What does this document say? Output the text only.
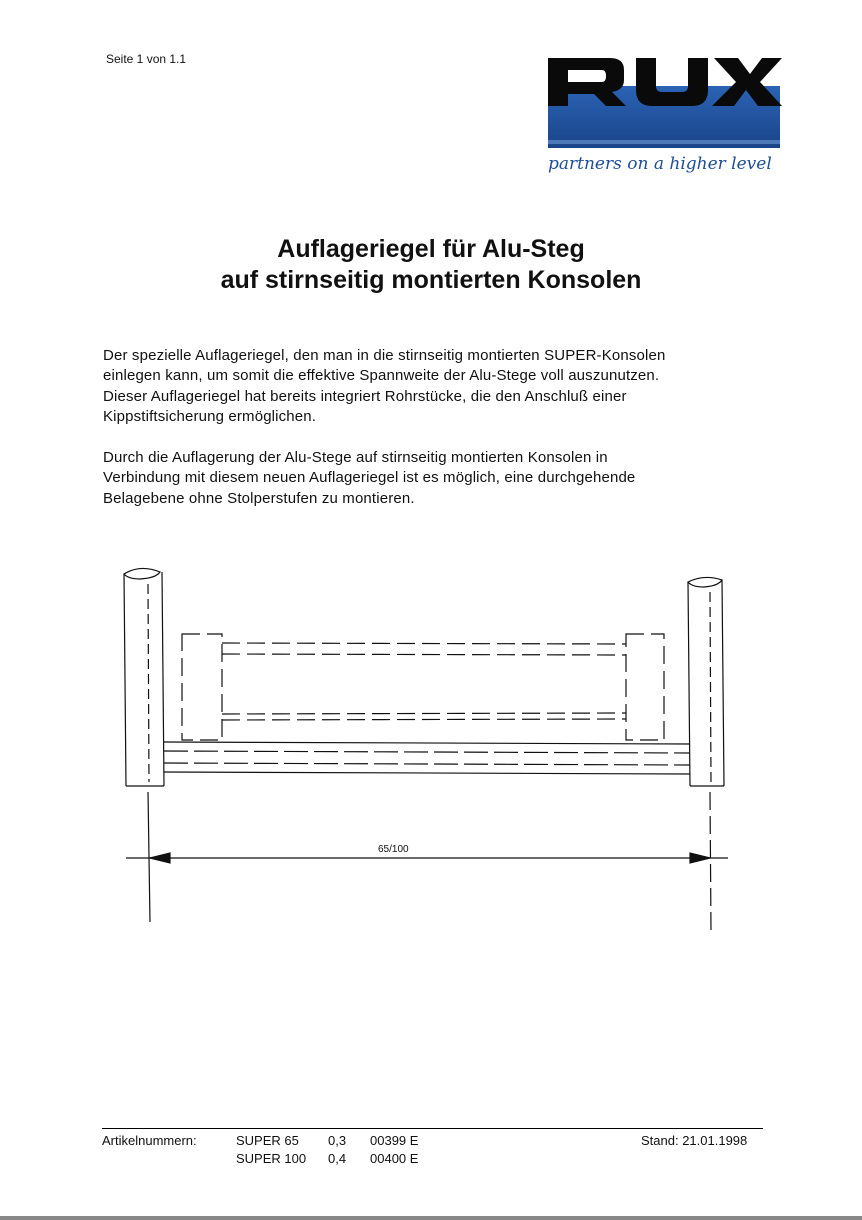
Seite 1 von 1.1
partners on a higher level
Auflageriegel für Alu-Steg
auf stirnseitig montierten Konsolen
Der spezielle Auflageriegel, den man in die stirnseitig montierten SUPER-Konsolen
einlegen kann, um somit die effektive Spannweite der Alu-Stege voll auszunutzen.
Dieser Auflageriegel hat bereits integriert Rohrstücke, die den Anschluß einer
Kippstiftsicherung ermöglichen.
Durch die Auflagerung der Alu-Stege auf stirnseitig montierten Konsolen in
Verbindung mit diesem neuen Auflageriegel ist es möglich, eine durchgehende
Belagebene ohne Stolperstufen zu montieren.
65/100
Artikelnummern:	SUPER 65
SUPER 100
0,3
0,4
00399 E
00400 E
Stand: 21.01.1998
